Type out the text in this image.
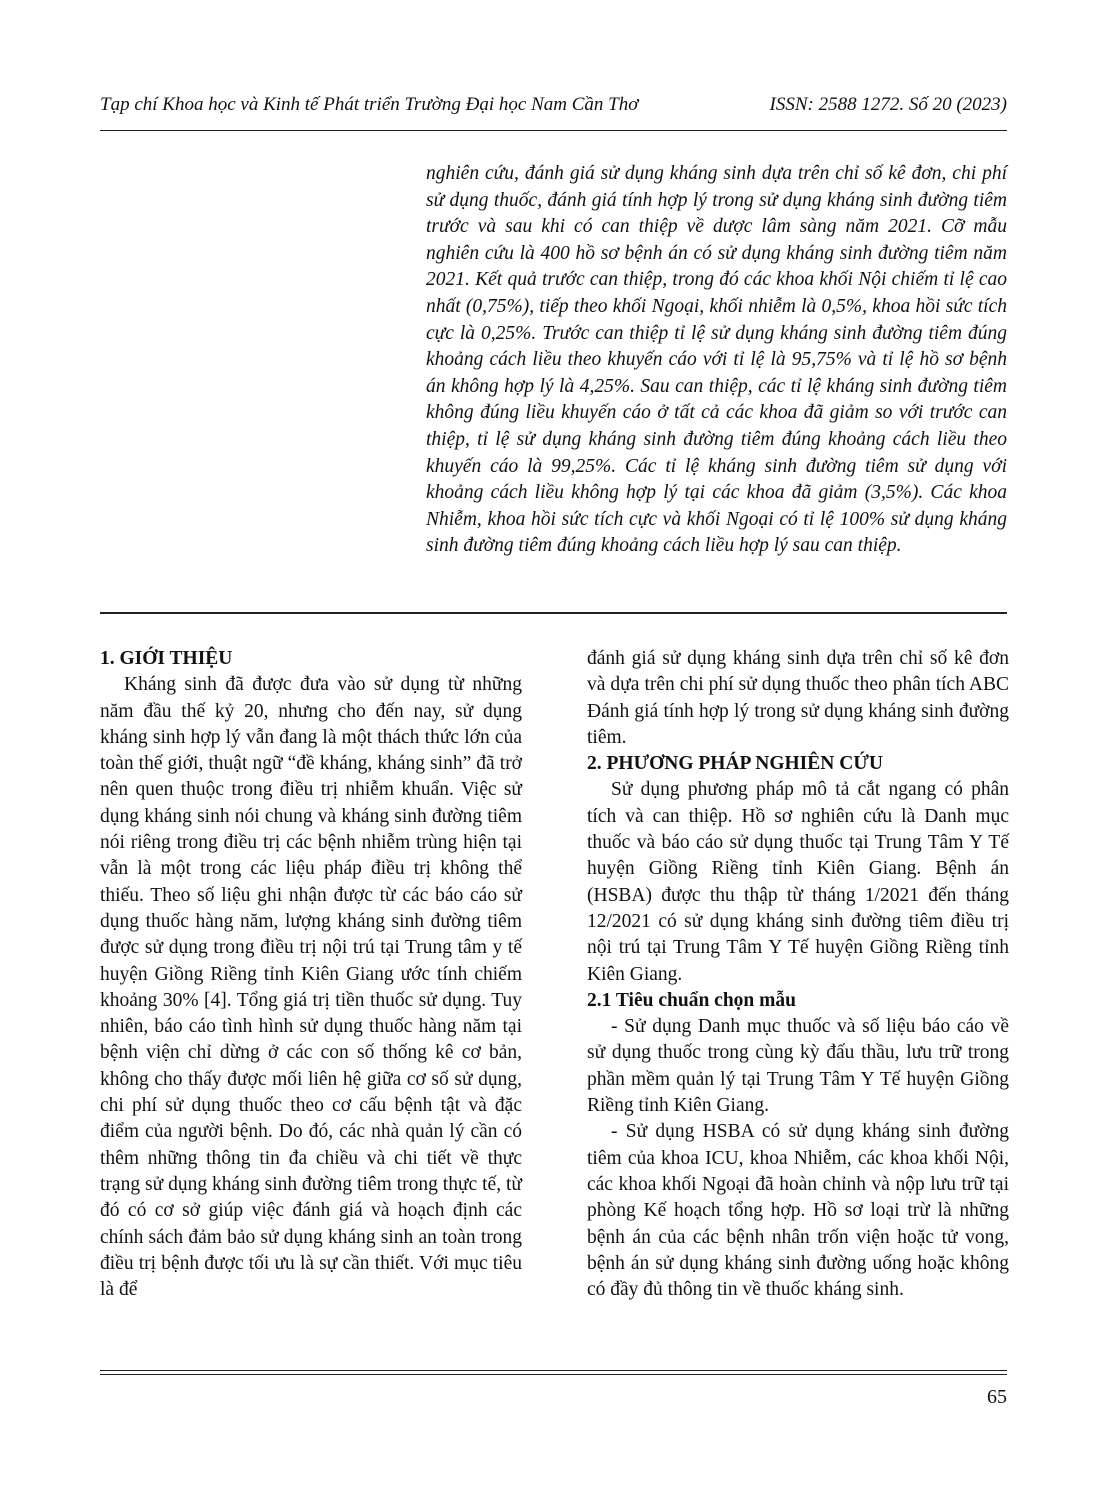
Tạp chí Khoa học và Kinh tế Phát triển Trường Đại học Nam Cần Thơ	ISSN: 2588 1272. Số 20 (2023)
nghiên cứu, đánh giá sử dụng kháng sinh dựa trên chỉ số kê đơn, chi phí sử dụng thuốc, đánh giá tính hợp lý trong sử dụng kháng sinh đường tiêm trước và sau khi có can thiệp về dược lâm sàng năm 2021. Cỡ mẫu nghiên cứu là 400 hồ sơ bệnh án có sử dụng kháng sinh đường tiêm năm 2021. Kết quả trước can thiệp, trong đó các khoa khối Nội chiếm tỉ lệ cao nhất (0,75%), tiếp theo khối Ngoại, khối nhiễm là 0,5%, khoa hồi sức tích cực là 0,25%. Trước can thiệp tỉ lệ sử dụng kháng sinh đường tiêm đúng khoảng cách liều theo khuyến cáo với tỉ lệ là 95,75% và tỉ lệ hồ sơ bệnh án không hợp lý là 4,25%. Sau can thiệp, các tỉ lệ kháng sinh đường tiêm không đúng liều khuyến cáo ở tất cả các khoa đã giảm so với trước can thiệp, tỉ lệ sử dụng kháng sinh đường tiêm đúng khoảng cách liều theo khuyến cáo là 99,25%. Các tỉ lệ kháng sinh đường tiêm sử dụng với khoảng cách liều không hợp lý tại các khoa đã giảm (3,5%). Các khoa Nhiễm, khoa hồi sức tích cực và khối Ngoại có tỉ lệ 100% sử dụng kháng sinh đường tiêm đúng khoảng cách liều hợp lý sau can thiệp.
1. GIỚI THIỆU

Kháng sinh đã được đưa vào sử dụng từ những năm đầu thế kỷ 20, nhưng cho đến nay, sử dụng kháng sinh hợp lý vẫn đang là một thách thức lớn của toàn thế giới, thuật ngữ “đề kháng, kháng sinh” đã trở nên quen thuộc trong điều trị nhiễm khuẩn. Việc sử dụng kháng sinh nói chung và kháng sinh đường tiêm nói riêng trong điều trị các bệnh nhiễm trùng hiện tại vẫn là một trong các liệu pháp điều trị không thể thiếu. Theo số liệu ghi nhận được từ các báo cáo sử dụng thuốc hàng năm, lượng kháng sinh đường tiêm được sử dụng trong điều trị nội trú tại Trung tâm y tế huyện Giồng Riềng tỉnh Kiên Giang ước tính chiếm khoảng 30% [4]. Tổng giá trị tiền thuốc sử dụng. Tuy nhiên, báo cáo tình hình sử dụng thuốc hàng năm tại bệnh viện chỉ dừng ở các con số thống kê cơ bản, không cho thấy được mối liên hệ giữa cơ số sử dụng, chi phí sử dụng thuốc theo cơ cấu bệnh tật và đặc điểm của người bệnh. Do đó, các nhà quản lý cần có thêm những thông tin đa chiều và chi tiết về thực trạng sử dụng kháng sinh đường tiêm trong thực tế, từ đó có cơ sở giúp việc đánh giá và hoạch định các chính sách đảm bảo sử dụng kháng sinh an toàn trong điều trị bệnh được tối ưu là sự cần thiết. Với mục tiêu là để

đánh giá sử dụng kháng sinh dựa trên chỉ số kê đơn và dựa trên chi phí sử dụng thuốc theo phân tích ABC Đánh giá tính hợp lý trong sử dụng kháng sinh đường tiêm.

2. PHƯƠNG PHÁP NGHIÊN CỨU

Sử dụng phương pháp mô tả cắt ngang có phân tích và can thiệp. Hồ sơ nghiên cứu là Danh mục thuốc và báo cáo sử dụng thuốc tại Trung Tâm Y Tế huyện Giồng Riềng tỉnh Kiên Giang. Bệnh án (HSBA) được thu thập từ tháng 1/2021 đến tháng 12/2021 có sử dụng kháng sinh đường tiêm điều trị nội trú tại Trung Tâm Y Tế huyện Giồng Riềng tỉnh Kiên Giang.

2.1 Tiêu chuẩn chọn mẫu

- Sử dụng Danh mục thuốc và số liệu báo cáo về sử dụng thuốc trong cùng kỳ đấu thầu, lưu trữ trong phần mềm quản lý tại Trung Tâm Y Tế huyện Giồng Riềng tỉnh Kiên Giang.

- Sử dụng HSBA có sử dụng kháng sinh đường tiêm của khoa ICU, khoa Nhiễm, các khoa khối Nội, các khoa khối Ngoại đã hoàn chỉnh và nộp lưu trữ tại phòng Kế hoạch tổng hợp. Hồ sơ loại trừ là những bệnh án của các bệnh nhân trốn viện hoặc tử vong, bệnh án sử dụng kháng sinh đường uống hoặc không có đầy đủ thông tin về thuốc kháng sinh.

65
